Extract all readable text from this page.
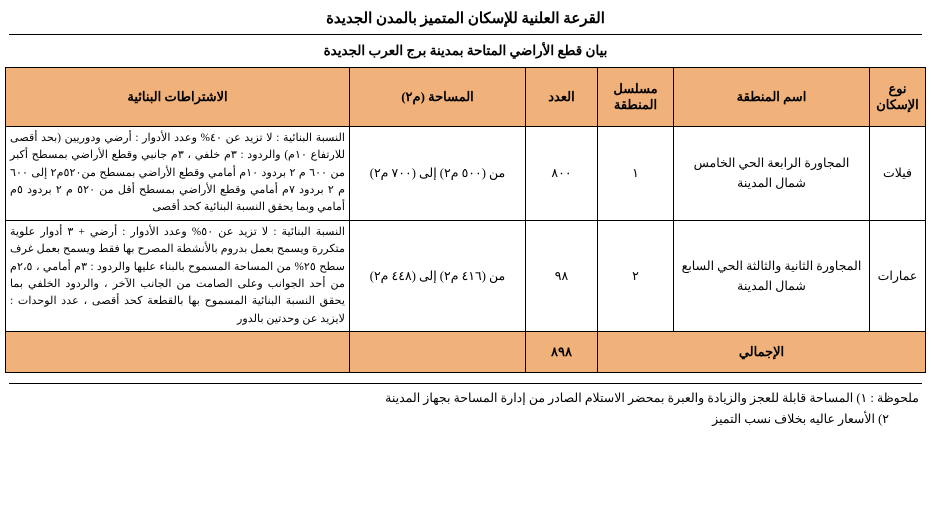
القرعة العلنية للإسكان المتميز بالمدن الجديدة
بيان قطع الأراضي المتاحة بمدينة برج العرب الجديدة
نوع الإسكان	اسم المنطقة	مسلسل المنطقة	العدد	المساحة (م٢)	الاشتراطات البنائية
فيلات	المجاورة الرابعة الحي الخامس شمال المدينة	١	٨٠٠	من (٥٠٠ م٢) إلى (٧٠٠ م٢)	النسبة البنائية : لا تزيد عن ٤٠% وعدد الأدوار : أرضي ودوريين (بحد أقصى للارتفاع ١٠م) والردود : ٣م خلفي ، ٣م جانبي وقطع الأراضي بمسطح أكبر من ٦٠٠ م ٢ بردود ١٠م أمامي وقطع الأراضي بمسطح من٥٢٠م٢ إلى ٦٠٠ م ٢ بردود ٧م أمامي وقطع الأراضي بمسطح أقل من ٥٢٠ م ٢ بردود ٥م أمامي وبما يحقق النسبة البنائية كحد أقصى
عمارات	المجاورة الثانية والثالثة الحي السابع شمال المدينة	٢	٩٨	من (٤١٦ م٢) إلى (٤٤٨ م٢)	النسبة البنائية : لا تزيد عن ٥٠% وعدد الأدوار : أرضي + ٣ أدوار علوية متكررة ويسمح بعمل بدروم بالأنشطة المصرح بها فقط ويسمح بعمل غرف سطح ٢٥% من المساحة المسموح بالبناء عليها والردود : ٣م أمامي ، ٢،٥م من أحد الجوانب وعلى الصامت من الجانب الآخر ، والردود الخلفي بما يحقق النسبة البنائية المسموح بها بالقطعة كحد أقصى ، عدد الوحدات : لايزيد عن وحدتين بالدور
الإجمالي			٨٩٨		
ملحوظة : ١) المساحة قابلة للعجز والزيادة والعبرة بمحضر الاستلام الصادر من إدارة المساحة بجهاز المدينة
٢) الأسعار عاليه بخلاف نسب التميز
